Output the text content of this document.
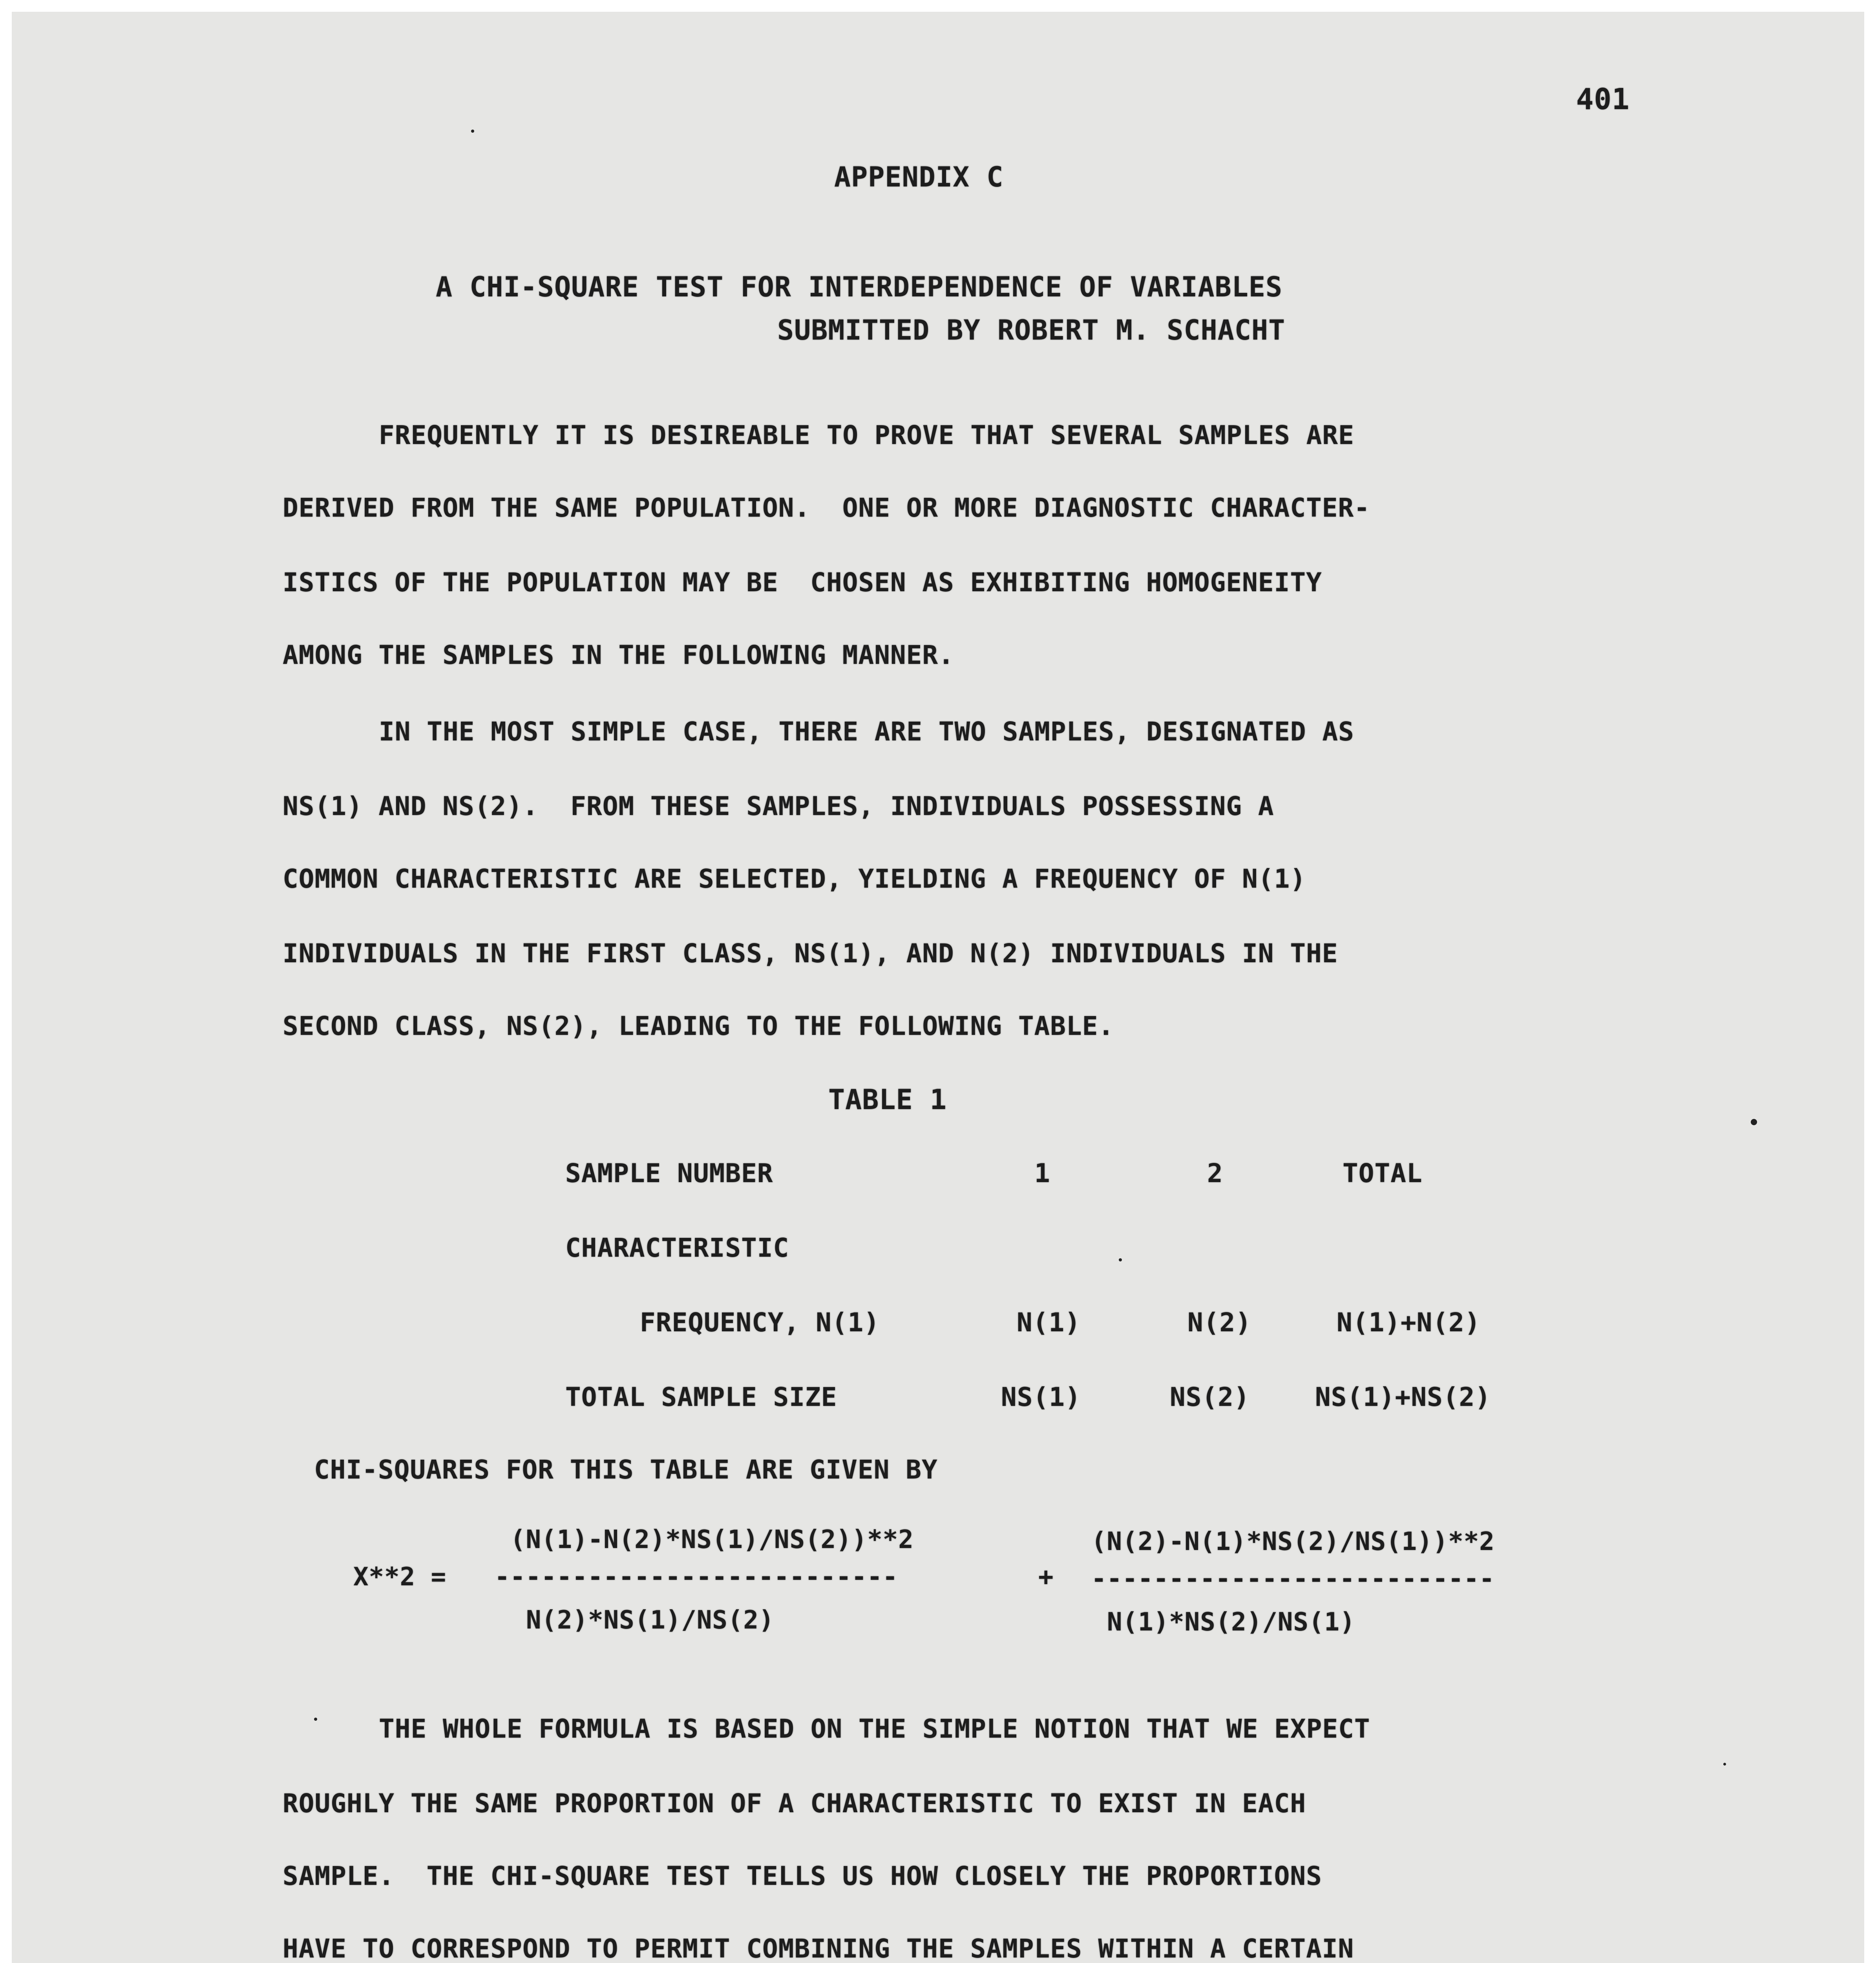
401

APPENDIX C

A CHI-SQUARE TEST FOR INTERDEPENDENCE OF VARIABLES

SUBMITTED BY ROBERT M. SCHACHT

FREQUENTLY IT IS DESIREABLE TO PROVE THAT SEVERAL SAMPLES ARE

DERIVED FROM THE SAME POPULATION.  ONE OR MORE DIAGNOSTIC CHARACTER-

ISTICS OF THE POPULATION MAY BE  CHOSEN AS EXHIBITING HOMOGENEITY

AMONG THE SAMPLES IN THE FOLLOWING MANNER.

IN THE MOST SIMPLE CASE, THERE ARE TWO SAMPLES, DESIGNATED AS

NS(1) AND NS(2).  FROM THESE SAMPLES, INDIVIDUALS POSSESSING A

COMMON CHARACTERISTIC ARE SELECTED, YIELDING A FREQUENCY OF N(1)

INDIVIDUALS IN THE FIRST CLASS, NS(1), AND N(2) INDIVIDUALS IN THE

SECOND CLASS, NS(2), LEADING TO THE FOLLOWING TABLE.

TABLE 1

SAMPLE NUMBER	1	2	TOTAL

CHARACTERISTIC

FREQUENCY, N(1)	N(1)	N(2)	N(1)+N(2)

TOTAL SAMPLE SIZE	NS(1)	NS(2)	NS(1)+NS(2)

CHI-SQUARES FOR THIS TABLE ARE GIVEN BY

X**2 =

(N(1)-N(2)*NS(1)/NS(2))**2

--------------------------

N(2)*NS(1)/NS(2)

+

(N(2)-N(1)*NS(2)/NS(1))**2

--------------------------

N(1)*NS(2)/NS(1)

THE WHOLE FORMULA IS BASED ON THE SIMPLE NOTION THAT WE EXPECT

ROUGHLY THE SAME PROPORTION OF A CHARACTERISTIC TO EXIST IN EACH

SAMPLE.  THE CHI-SQUARE TEST TELLS US HOW CLOSELY THE PROPORTIONS

HAVE TO CORRESPOND TO PERMIT COMBINING THE SAMPLES WITHIN A CERTAIN
